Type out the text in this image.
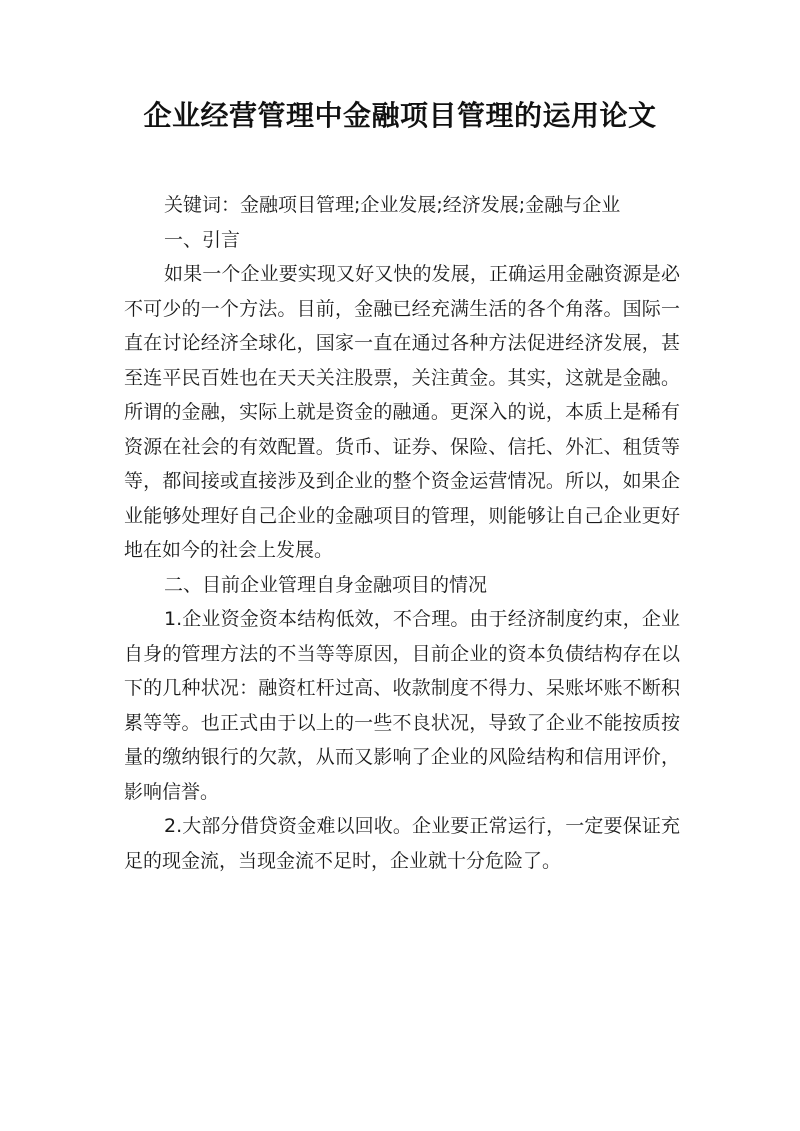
企业经营管理中金融项目管理的运用论文

关键词：金融项目管理;企业发展;经济发展;金融与企业

一、引言

如果一个企业要实现又好又快的发展，正确运用金融资源是必不可少的一个方法。目前，金融已经充满生活的各个角落。国际一直在讨论经济全球化，国家一直在通过各种方法促进经济发展，甚至连平民百姓也在天天关注股票，关注黄金。其实，这就是金融。所谓的金融，实际上就是资金的融通。更深入的说，本质上是稀有资源在社会的有效配置。货币、证券、保险、信托、外汇、租赁等等，都间接或直接涉及到企业的整个资金运营情况。所以，如果企业能够处理好自己企业的金融项目的管理，则能够让自己企业更好地在如今的社会上发展。

二、目前企业管理自身金融项目的情况

1.企业资金资本结构低效，不合理。由于经济制度约束，企业自身的管理方法的不当等等原因，目前企业的资本负债结构存在以下的几种状况：融资杠杆过高、收款制度不得力、呆账坏账不断积累等等。也正式由于以上的一些不良状况，导致了企业不能按质按量的缴纳银行的欠款，从而又影响了企业的风险结构和信用评价，影响信誉。

2.大部分借贷资金难以回收。企业要正常运行，一定要保证充足的现金流，当现金流不足时，企业就十分危险了。
